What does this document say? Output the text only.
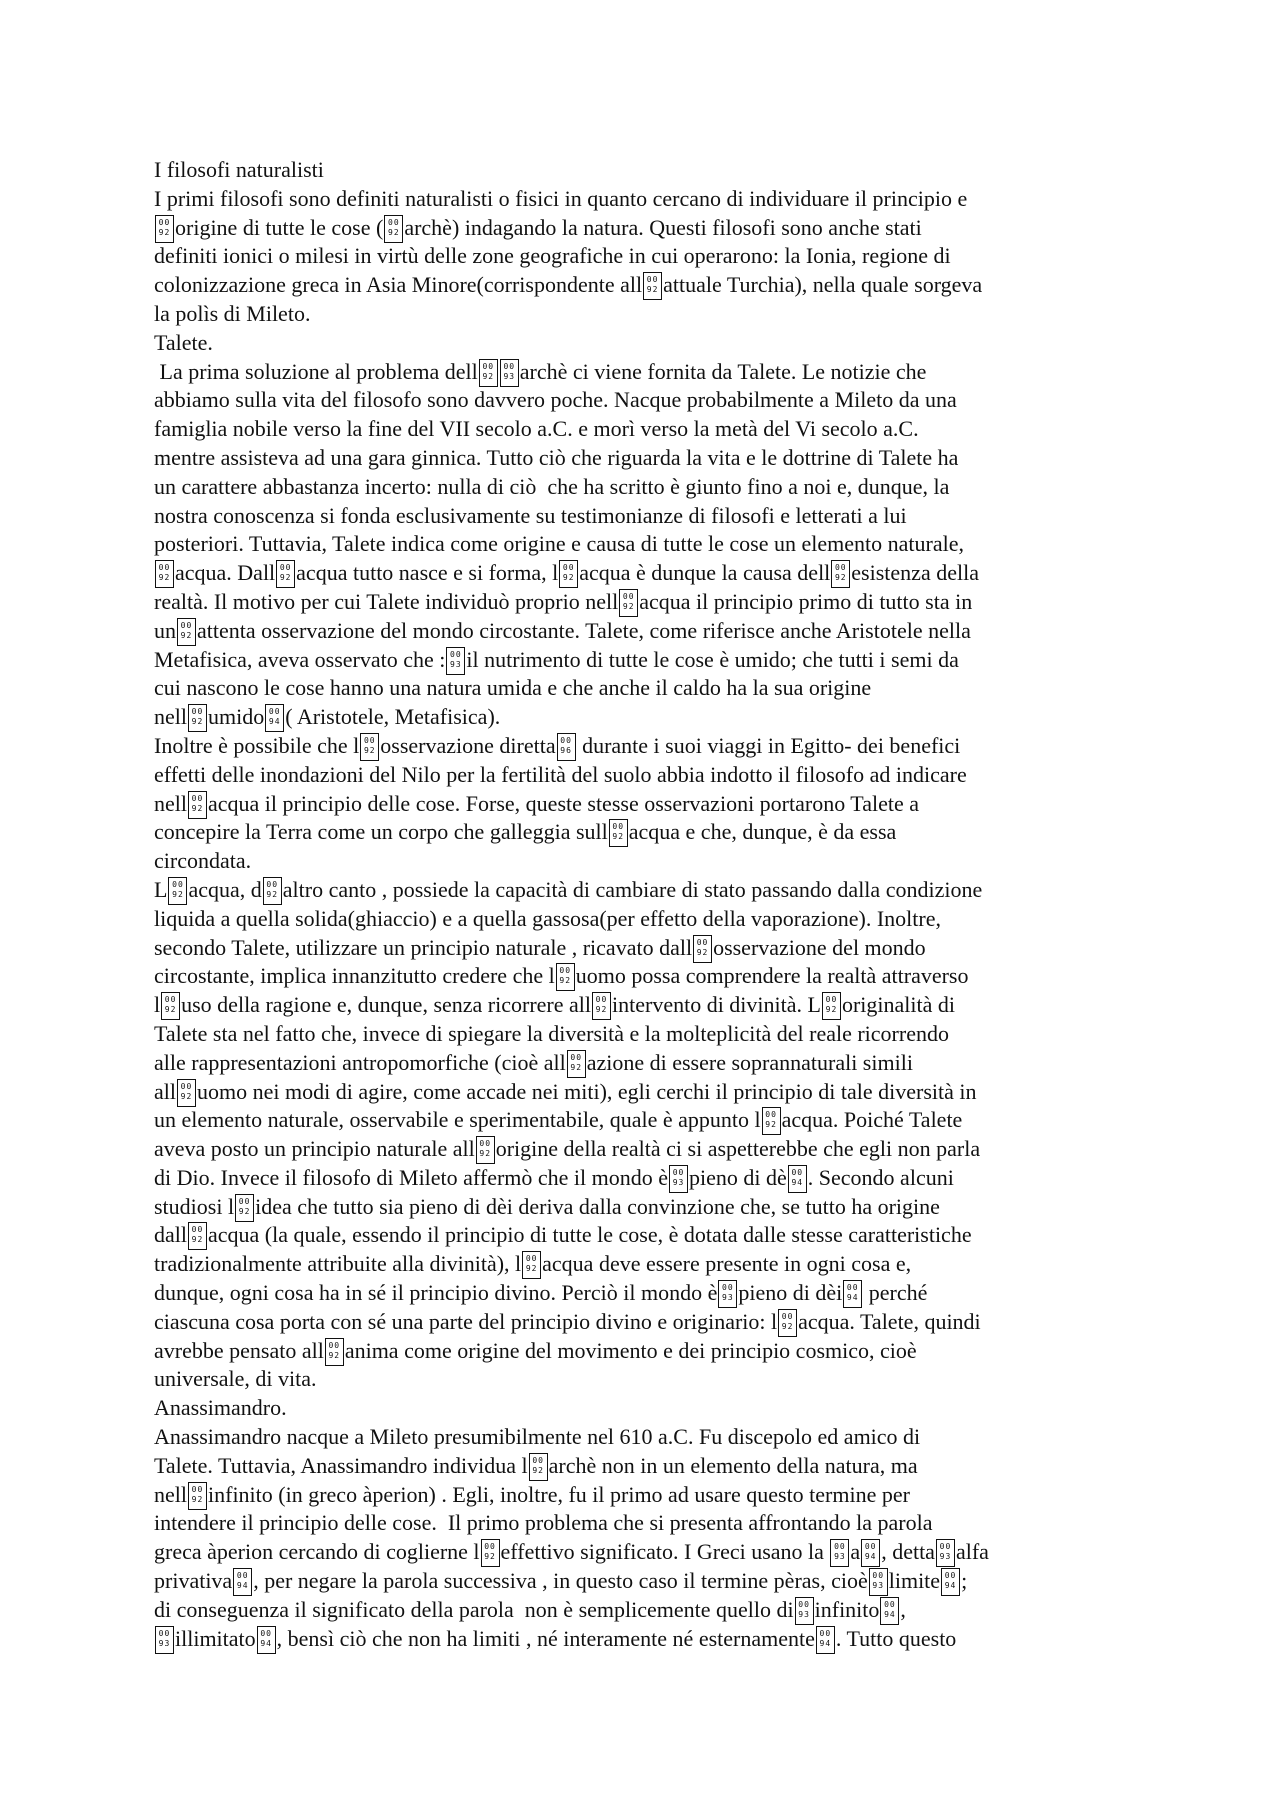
I filosofi naturalisti
I primi filosofi sono definiti naturalisti o fisici in quanto cercano di individuare il principio e
00
92 origine di tutte le cose ( 00
92 archè) indagando la natura. Questi filosofi sono anche stati
definiti ionici o milesi in virtù delle zone geografiche in cui operarono: la Ionia, regione di
colonizzazione greca in Asia Minore(corrispondente all 00
92 attuale Turchia), nella quale sorgeva
la polìs di Mileto.
Talete.
La prima soluzione al problema dell 00
92
00
93 archè ci viene fornita da Talete. Le notizie che
abbiamo sulla vita del filosofo sono davvero poche. Nacque probabilmente a Mileto da una
famiglia nobile verso la fine del VII secolo a.C. e morì verso la metà del Vi secolo a.C.
mentre assisteva ad una gara ginnica. Tutto ciò che riguarda la vita e le dottrine di Talete ha
un carattere abbastanza incerto: nulla di ciò  che ha scritto è giunto fino a noi e, dunque, la
nostra conoscenza si fonda esclusivamente su testimonianze di filosofi e letterati a lui
posteriori. Tuttavia, Talete indica come origine e causa di tutte le cose un elemento naturale,
00
92 acqua. Dall 00
92 acqua tutto nasce e si forma, l 00
92 acqua è dunque la causa dell 00
92 esistenza della
realtà. Il motivo per cui Talete individuò proprio nell 00
92 acqua il principio primo di tutto sta in
un 00
92 attenta osservazione del mondo circostante. Talete, come riferisce anche Aristotele nella
Metafisica, aveva osservato che : 00
93 il nutrimento di tutte le cose è umido; che tutti i semi da
cui nascono le cose hanno una natura umida e che anche il caldo ha la sua origine
nell 00
92 umido 00
94 ( Aristotele, Metafisica).
Inoltre è possibile che l 00
92 osservazione diretta 00
96 durante i suoi viaggi in Egitto- dei benefici
effetti delle inondazioni del Nilo per la fertilità del suolo abbia indotto il filosofo ad indicare
nell 00
92 acqua il principio delle cose. Forse, queste stesse osservazioni portarono Talete a
concepire la Terra come un corpo che galleggia sull 00
92 acqua e che, dunque, è da essa
circondata.
L 00
92 acqua, d 00
92 altro canto , possiede la capacità di cambiare di stato passando dalla condizione
liquida a quella solida(ghiaccio) e a quella gassosa(per effetto della vaporazione). Inoltre,
secondo Talete, utilizzare un principio naturale , ricavato dall 00
92 osservazione del mondo
circostante, implica innanzitutto credere che l 00
92 uomo possa comprendere la realtà attraverso
l 00
92 uso della ragione e, dunque, senza ricorrere all 00
92 intervento di divinità. L 00
92 originalità di
Talete sta nel fatto che, invece di spiegare la diversità e la molteplicità del reale ricorrendo
alle rappresentazioni antropomorfiche (cioè all 00
92 azione di essere soprannaturali simili
all 00
92 uomo nei modi di agire, come accade nei miti), egli cerchi il principio di tale diversità in
un elemento naturale, osservabile e sperimentabile, quale è appunto l 00
92 acqua. Poiché Talete
aveva posto un principio naturale all 00
92 origine della realtà ci si aspetterebbe che egli non parla
di Dio. Invece il filosofo di Mileto affermò che il mondo è 00
93 pieno di dè 00
94 . Secondo alcuni
studiosi l 00
92 idea che tutto sia pieno di dèi deriva dalla convinzione che, se tutto ha origine
dall 00
92 acqua (la quale, essendo il principio di tutte le cose, è dotata dalle stesse caratteristiche
tradizionalmente attribuite alla divinità), l 00
92 acqua deve essere presente in ogni cosa e,
dunque, ogni cosa ha in sé il principio divino. Perciò il mondo è 00
93 pieno di dèi 00
94 perché
ciascuna cosa porta con sé una parte del principio divino e originario: l 00
92 acqua. Talete, quindi
avrebbe pensato all 00
92 anima come origine del movimento e dei principio cosmico, cioè
universale, di vita.
Anassimandro.
Anassimandro nacque a Mileto presumibilmente nel 610 a.C. Fu discepolo ed amico di
Talete. Tuttavia, Anassimandro individua l 00
92 archè non in un elemento della natura, ma
nell 00
92 infinito (in greco àperion) . Egli, inoltre, fu il primo ad usare questo termine per
intendere il principio delle cose.  Il primo problema che si presenta affrontando la parola
greca àperion cercando di coglierne l 00
92 effettivo significato. I Greci usano la 00
93 a 00
94 , detta 00
93 alfa
privativa 00
94 , per negare la parola successiva , in questo caso il termine pèras, cioè 00
93 limite 00
94 ;
di conseguenza il significato della parola  non è semplicemente quello di 00
93 infinito 00
94 ,
00
93 illimitato 00
94 , bensì ciò che non ha limiti , né interamente né esternamente 00
94 . Tutto questo
